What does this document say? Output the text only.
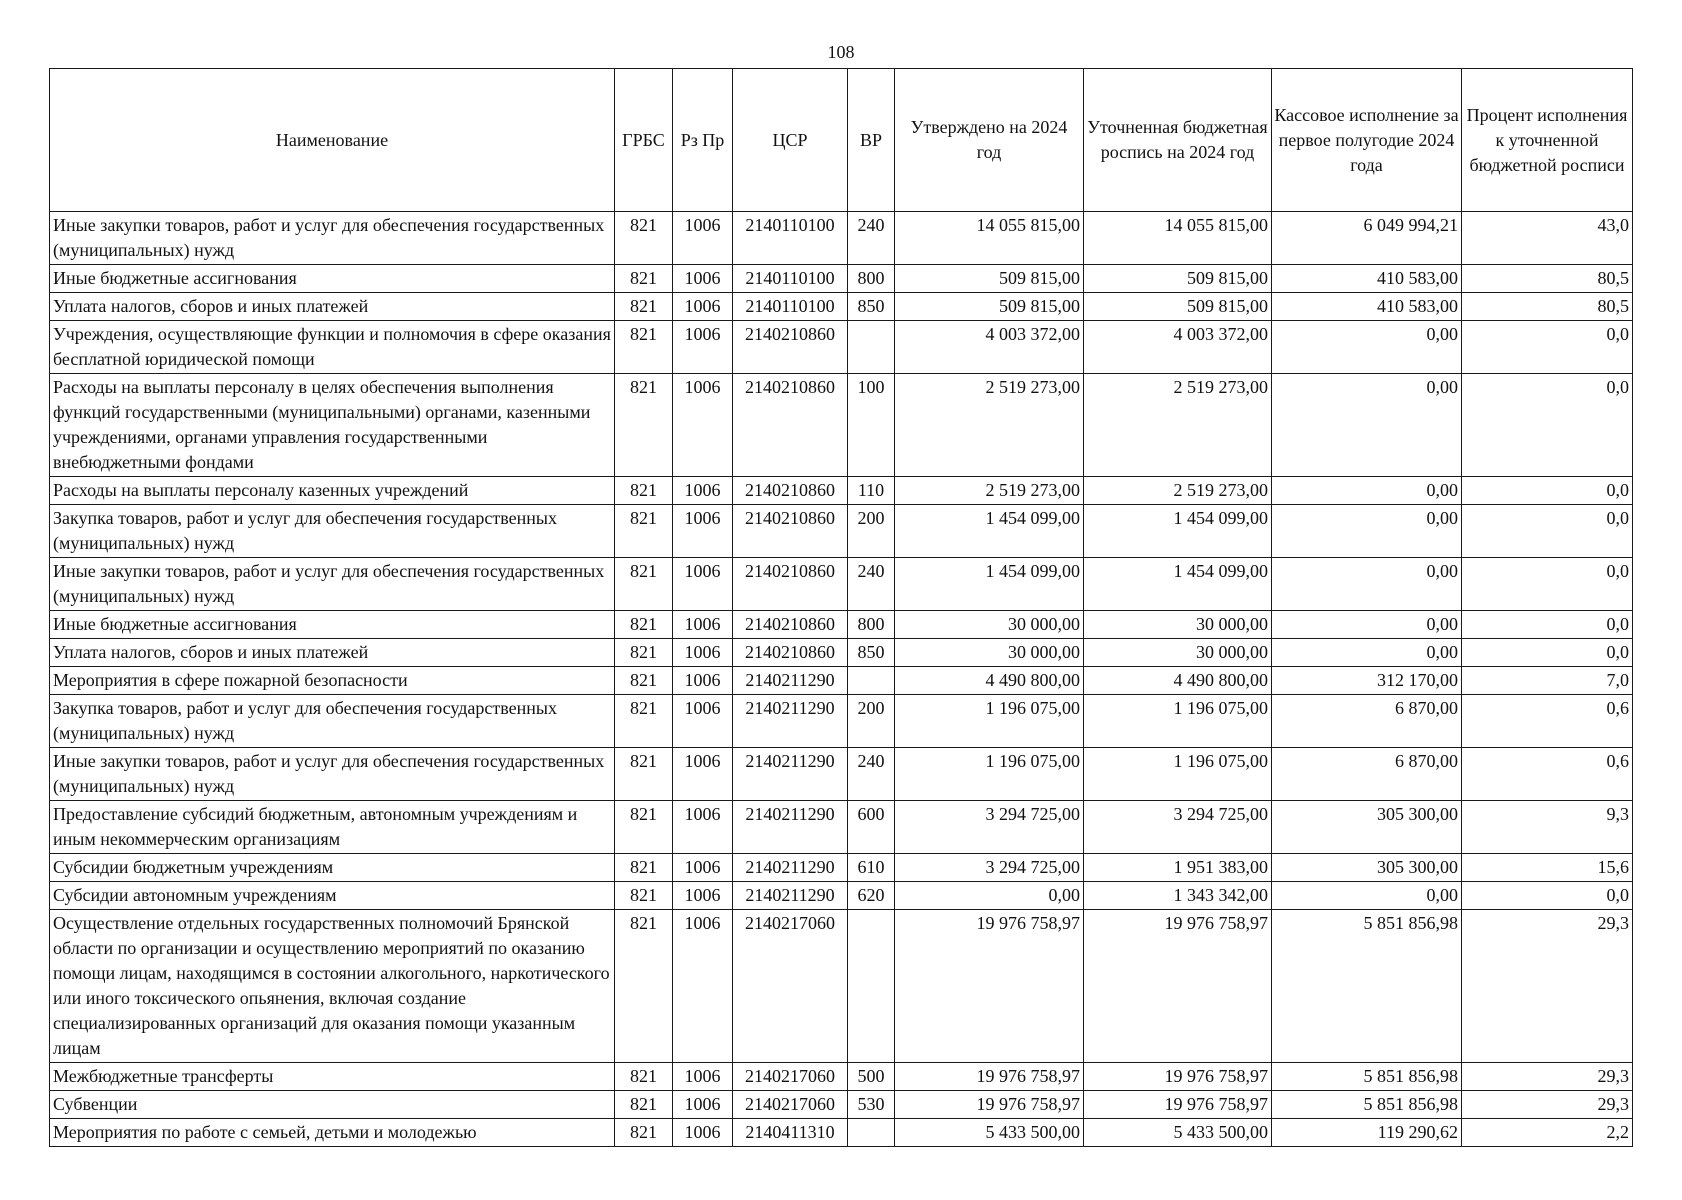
108
Наименование	ГРБС	Рз Пр	ЦСР	ВР	Утверждено на 2024 год	Уточненная бюджетная роспись на 2024 год	Кассовое исполнение за первое полугодие 2024 года	Процент исполнения к уточненной бюджетной росписи
Иные закупки товаров, работ и услуг для обеспечения государственных (муниципальных) нужд	821	1006	2140110100	240	14 055 815,00	14 055 815,00	6 049 994,21	43,0
Иные бюджетные ассигнования	821	1006	2140110100	800	509 815,00	509 815,00	410 583,00	80,5
Уплата налогов, сборов и иных платежей	821	1006	2140110100	850	509 815,00	509 815,00	410 583,00	80,5
Учреждения, осуществляющие функции и полномочия в сфере оказания бесплатной юридической помощи	821	1006	2140210860		4 003 372,00	4 003 372,00	0,00	0,0
Расходы на выплаты персоналу в целях обеспечения выполнения функций государственными (муниципальными) органами, казенными учреждениями, органами управления государственными внебюджетными фондами	821	1006	2140210860	100	2 519 273,00	2 519 273,00	0,00	0,0
Расходы на выплаты персоналу казенных учреждений	821	1006	2140210860	110	2 519 273,00	2 519 273,00	0,00	0,0
Закупка товаров, работ и услуг для обеспечения государственных (муниципальных) нужд	821	1006	2140210860	200	1 454 099,00	1 454 099,00	0,00	0,0
Иные закупки товаров, работ и услуг для обеспечения государственных (муниципальных) нужд	821	1006	2140210860	240	1 454 099,00	1 454 099,00	0,00	0,0
Иные бюджетные ассигнования	821	1006	2140210860	800	30 000,00	30 000,00	0,00	0,0
Уплата налогов, сборов и иных платежей	821	1006	2140210860	850	30 000,00	30 000,00	0,00	0,0
Мероприятия в сфере пожарной безопасности	821	1006	2140211290		4 490 800,00	4 490 800,00	312 170,00	7,0
Закупка товаров, работ и услуг для обеспечения государственных (муниципальных) нужд	821	1006	2140211290	200	1 196 075,00	1 196 075,00	6 870,00	0,6
Иные закупки товаров, работ и услуг для обеспечения государственных (муниципальных) нужд	821	1006	2140211290	240	1 196 075,00	1 196 075,00	6 870,00	0,6
Предоставление субсидий бюджетным, автономным учреждениям и иным некоммерческим организациям	821	1006	2140211290	600	3 294 725,00	3 294 725,00	305 300,00	9,3
Субсидии бюджетным учреждениям	821	1006	2140211290	610	3 294 725,00	1 951 383,00	305 300,00	15,6
Субсидии автономным учреждениям	821	1006	2140211290	620	0,00	1 343 342,00	0,00	0,0
Осуществление отдельных государственных полномочий Брянской области по организации и осуществлению мероприятий по оказанию помощи лицам, находящимся в состоянии алкогольного, наркотического или иного токсического опьянения, включая создание специализированных организаций для оказания помощи указанным лицам	821	1006	2140217060		19 976 758,97	19 976 758,97	5 851 856,98	29,3
Межбюджетные трансферты	821	1006	2140217060	500	19 976 758,97	19 976 758,97	5 851 856,98	29,3
Субвенции	821	1006	2140217060	530	19 976 758,97	19 976 758,97	5 851 856,98	29,3
Мероприятия по работе с семьей, детьми и молодежью	821	1006	2140411310		5 433 500,00	5 433 500,00	119 290,62	2,2
